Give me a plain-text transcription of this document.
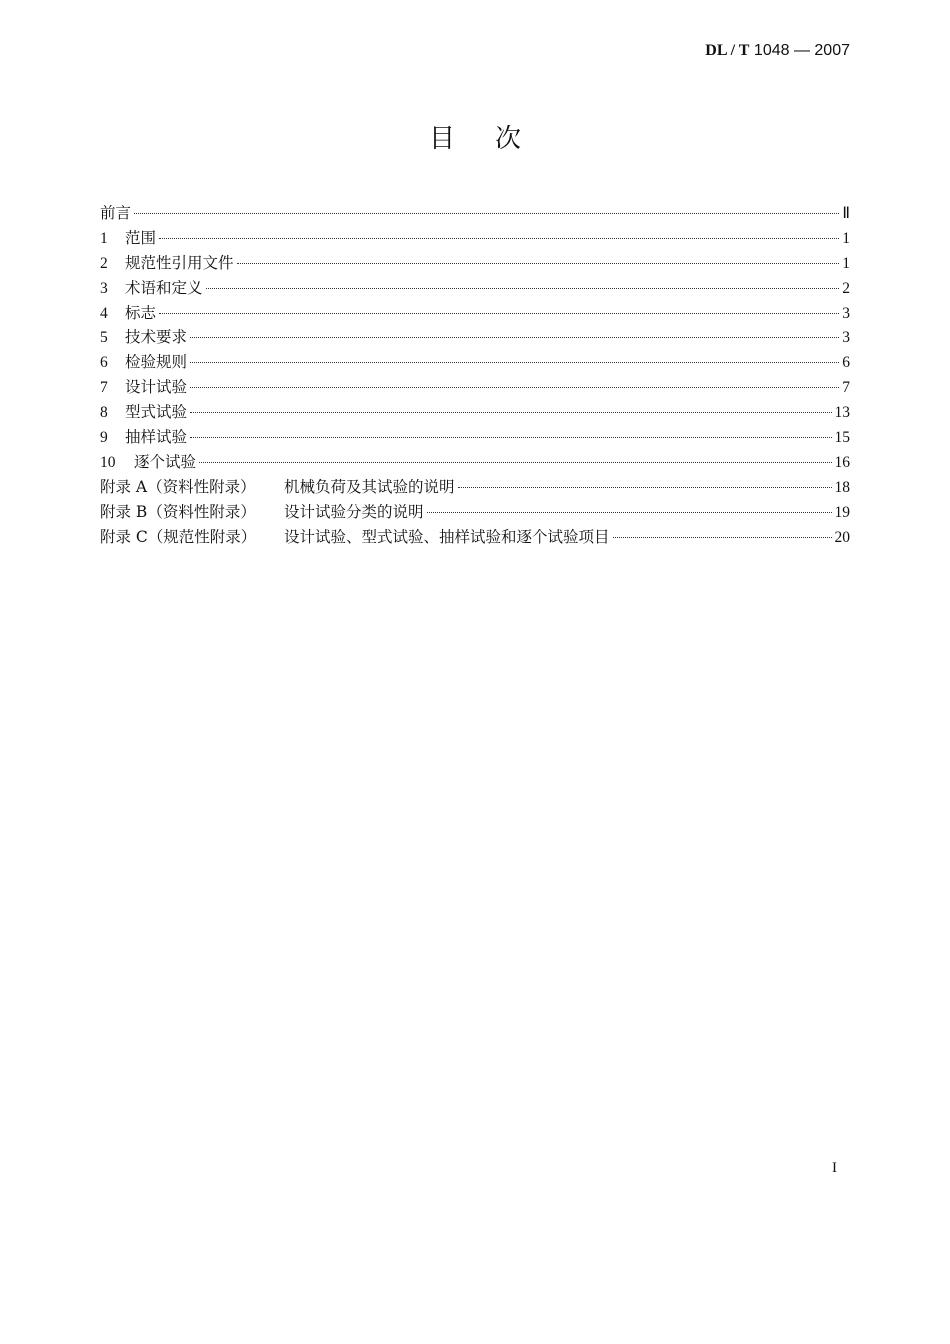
DL / T 1048 — 2007
目次
前言	Ⅱ
1 范围	1
2 规范性引用文件	1
3 术语和定义	2
4 标志	3
5 技术要求	3
6 检验规则	6
7 设计试验	7
8 型式试验	13
9 抽样试验	15
10 逐个试验	16
附录 A（资料性附录） 机械负荷及其试验的说明	18
附录 B（资料性附录） 设计试验分类的说明	19
附录 C（规范性附录） 设计试验、型式试验、抽样试验和逐个试验项目	20
I
